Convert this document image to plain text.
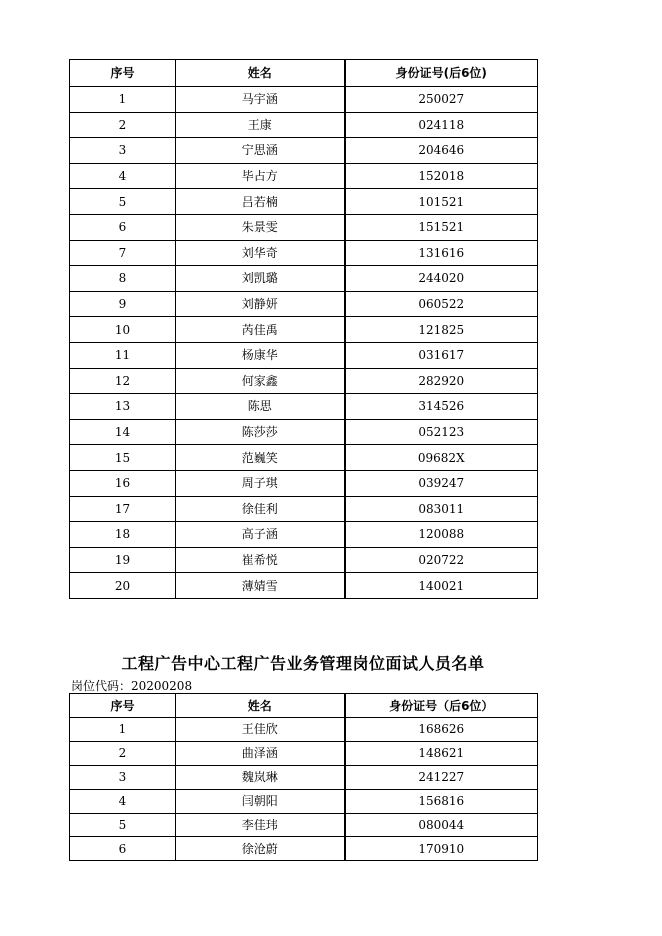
序号	姓名	身份证号(后6位)
1	马宇涵	250027
2	王康	024118
3	宁思涵	204646
4	毕占方	152018
5	吕若楠	101521
6	朱景雯	151521
7	刘华奇	131616
8	刘凯璐	244020
9	刘静妍	060522
10	芮佳禹	121825
11	杨康华	031617
12	何家鑫	282920
13	陈思	314526
14	陈莎莎	052123
15	范巍笑	09682X
16	周子琪	039247
17	徐佳利	083011
18	高子涵	120088
19	崔希悦	020722
20	薄婧雪	140021
工程广告中心工程广告业务管理岗位面试人员名单
岗位代码：20200208
序号	姓名	身份证号（后6位）
1	王佳欣	168626
2	曲泽涵	148621
3	魏岚琳	241227
4	闫朝阳	156816
5	李佳玮	080044
6	徐沧蔚	170910
